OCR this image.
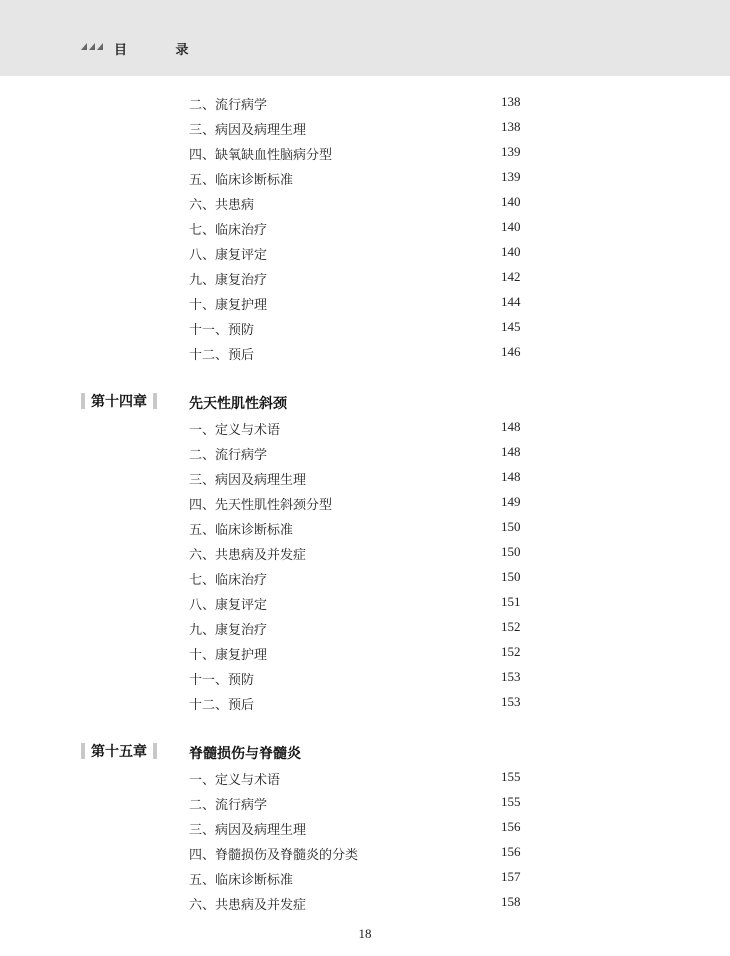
目 录
二、流行病学	138
三、病因及病理生理	138
四、缺氧缺血性脑病分型	139
五、临床诊断标准	139
六、共患病	140
七、临床治疗	140
八、康复评定	140
九、康复治疗	142
十、康复护理	144
十一、预防	145
十二、预后	146
第十四章	先天性肌性斜颈
一、定义与术语	148
二、流行病学	148
三、病因及病理生理	148
四、先天性肌性斜颈分型	149
五、临床诊断标准	150
六、共患病及并发症	150
七、临床治疗	150
八、康复评定	151
九、康复治疗	152
十、康复护理	152
十一、预防	153
十二、预后	153
第十五章	脊髓损伤与脊髓炎
一、定义与术语	155
二、流行病学	155
三、病因及病理生理	156
四、脊髓损伤及脊髓炎的分类	156
五、临床诊断标准	157
六、共患病及并发症	158
18
